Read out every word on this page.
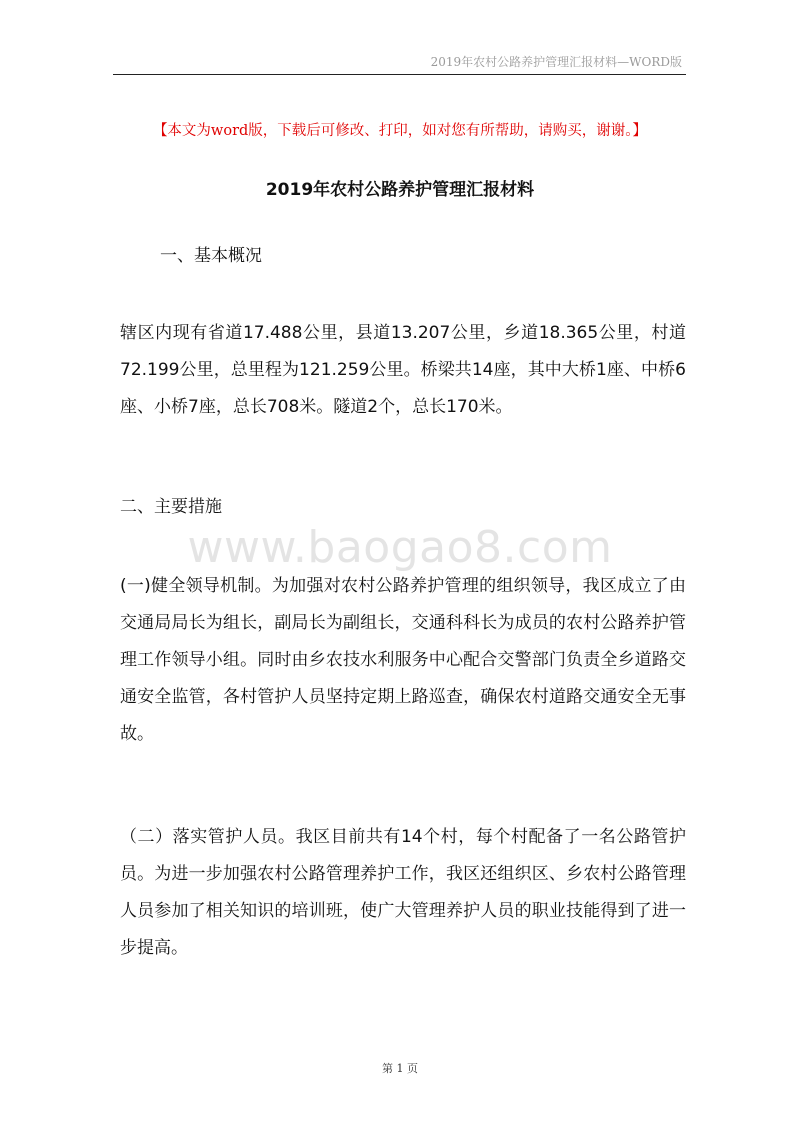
2019年农村公路养护管理汇报材料—WORD版
【本文为word版，下载后可修改、打印，如对您有所帮助，请购买，谢谢。】
2019年农村公路养护管理汇报材料
一、基本概况
辖区内现有省道17.488公里，县道13.207公里，乡道18.365公里，村道72.199公里，总里程为121.259公里。桥梁共14座，其中大桥1座、中桥6座、小桥7座，总长708米。隧道2个，总长170米。
二、主要措施
www.baogao8.com
(一)健全领导机制。为加强对农村公路养护管理的组织领导，我区成立了由交通局局长为组长，副局长为副组长，交通科科长为成员的农村公路养护管理工作领导小组。同时由乡农技水利服务中心配合交警部门负责全乡道路交通安全监管，各村管护人员坚持定期上路巡查，确保农村道路交通安全无事故。
（二）落实管护人员。我区目前共有14个村，每个村配备了一名公路管护员。为进一步加强农村公路管理养护工作，我区还组织区、乡农村公路管理人员参加了相关知识的培训班，使广大管理养护人员的职业技能得到了进一步提高。
第 1 页
